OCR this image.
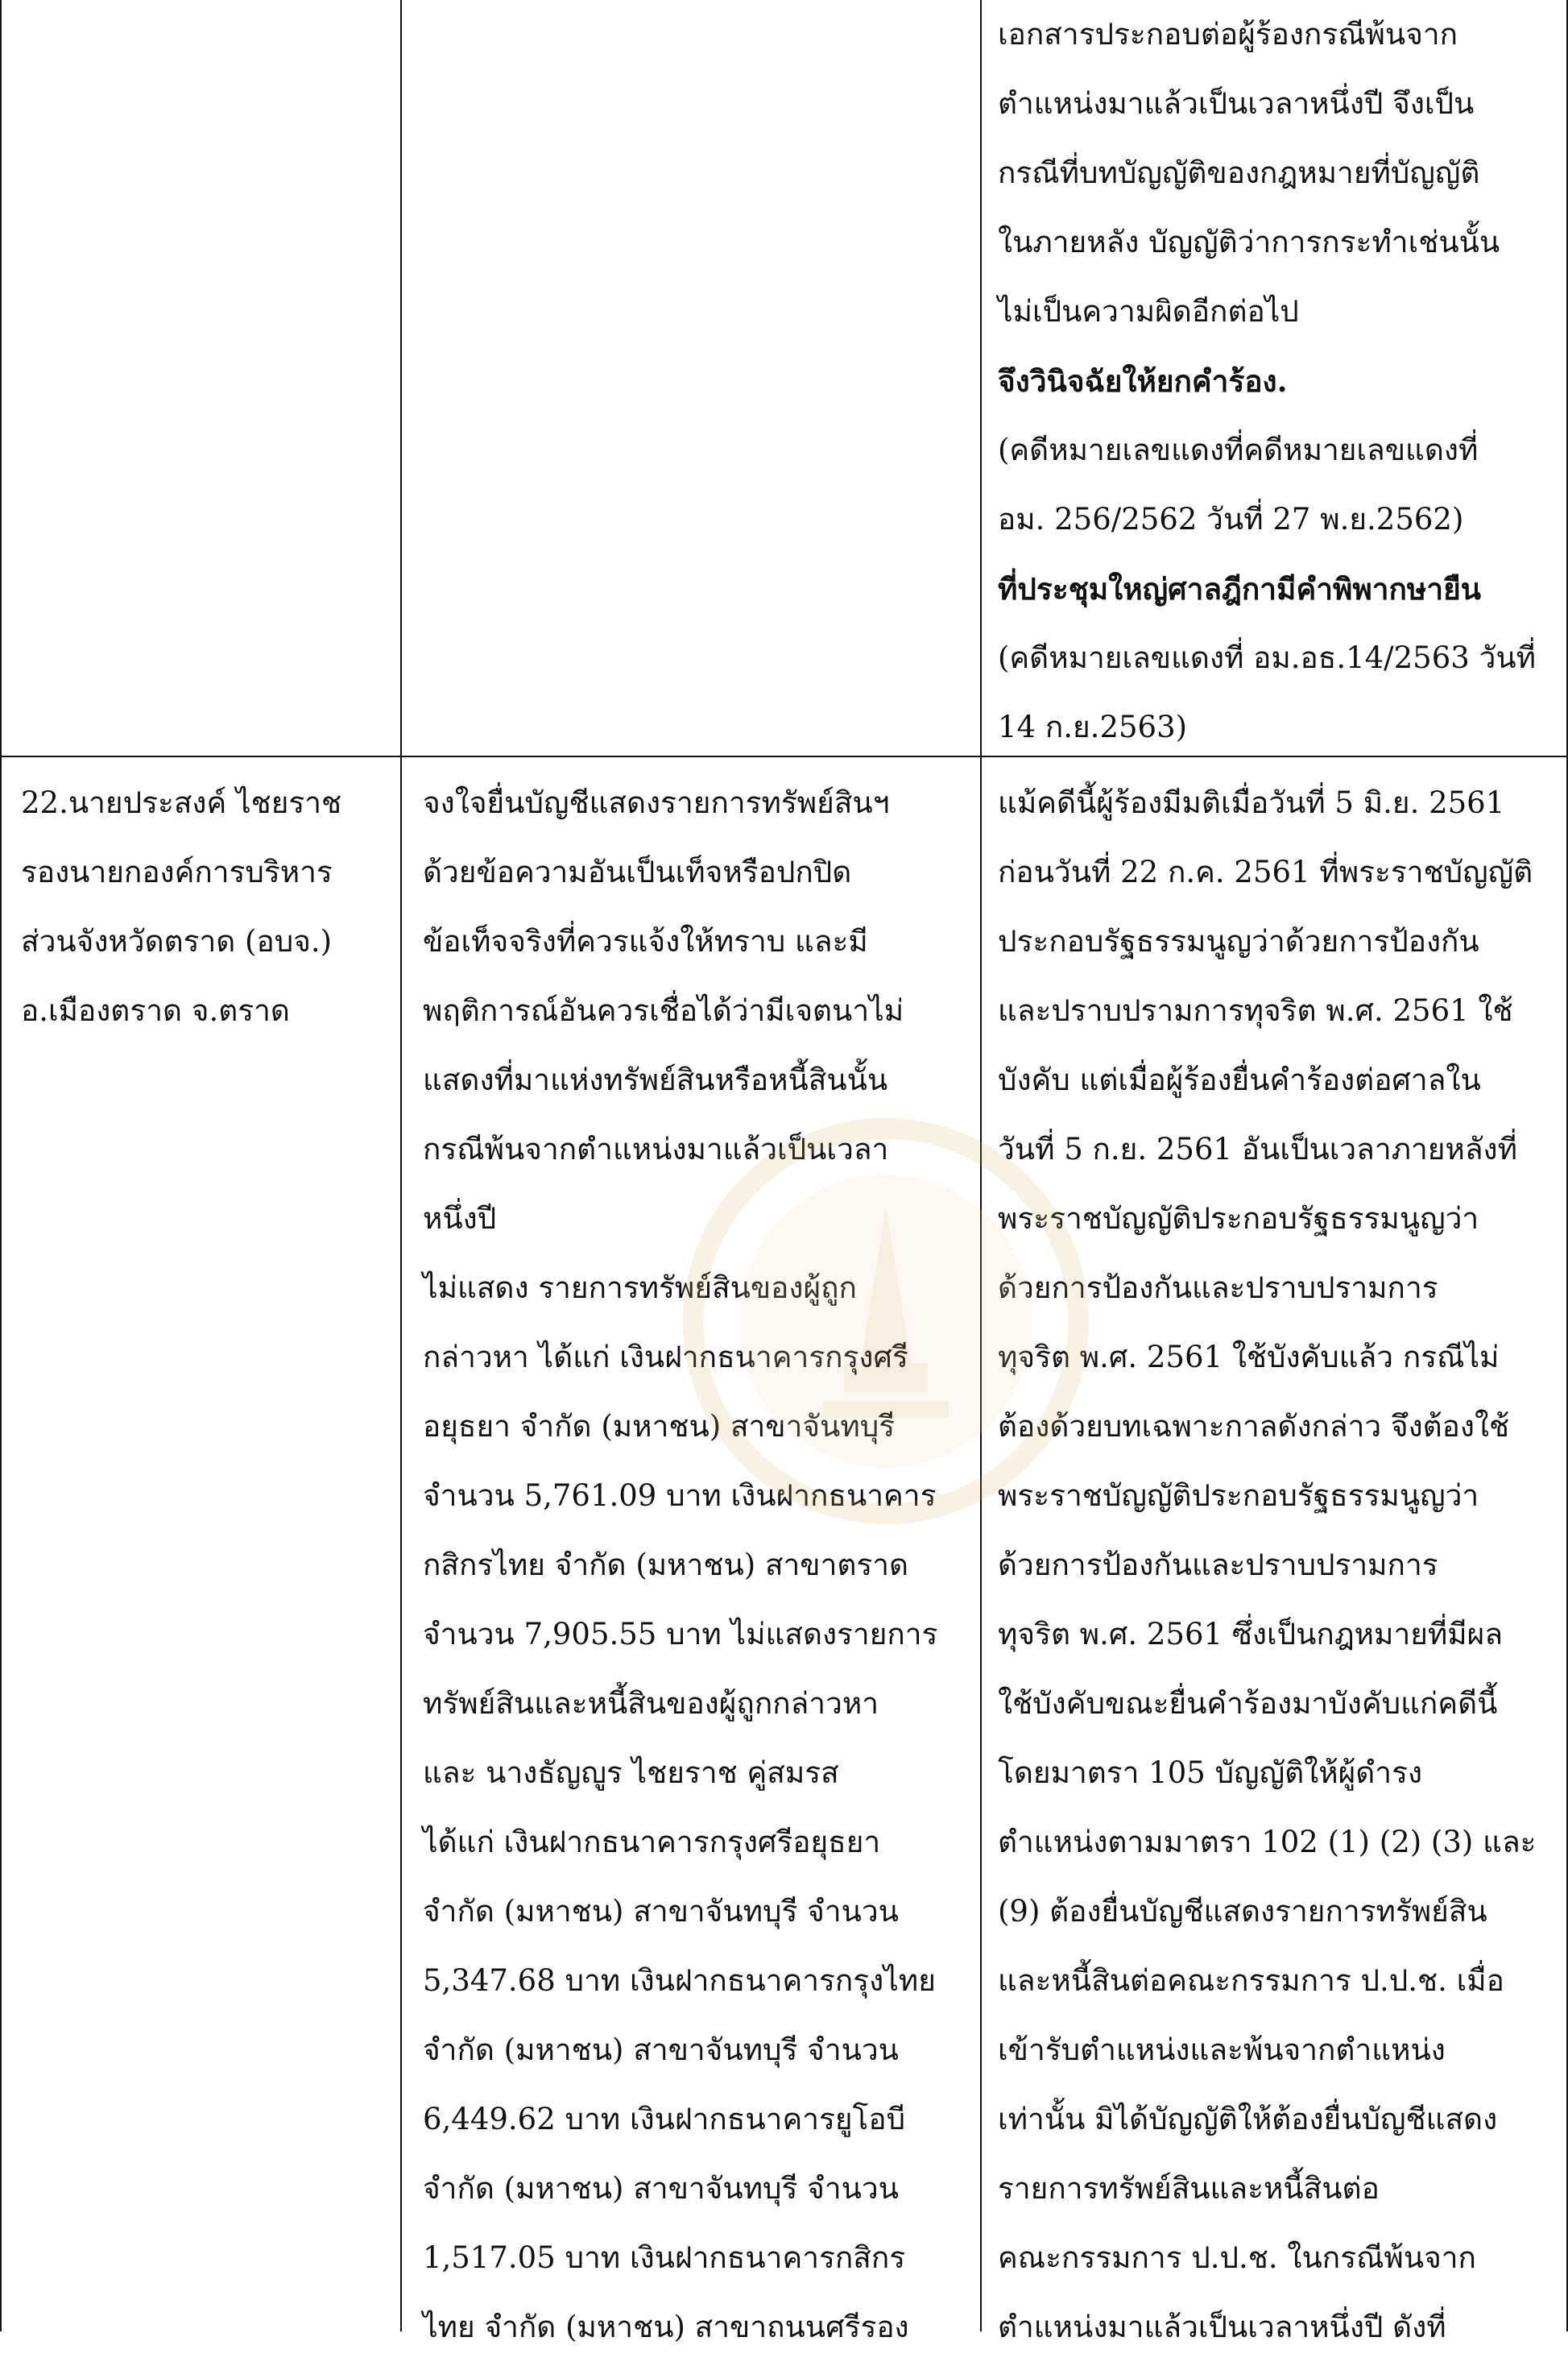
เอกสารประกอบต่อผู้ร้องกรณีพ้นจาก
ตำแหน่งมาแล้วเป็นเวลาหนึ่งปี จึงเป็น
กรณีที่บทบัญญัติของกฎหมายที่บัญญัติ
ในภายหลัง บัญญัติว่าการกระทำเช่นนั้น
ไม่เป็นความผิดอีกต่อไป
จึงวินิจฉัยให้ยกคำร้อง.
(คดีหมายเลขแดงที่คดีหมายเลขแดงที่
อม. 256/2562 วันที่ 27 พ.ย.2562)
ที่ประชุมใหญ่ศาลฎีกามีคำพิพากษายืน
(คดีหมายเลขแดงที่ อม.อธ.14/2563 วันที่
14 ก.ย.2563)
22.นายประสงค์ ไชยราช
รองนายกองค์การบริหาร
ส่วนจังหวัดตราด (อบจ.)
อ.เมืองตราด จ.ตราด
จงใจยื่นบัญชีแสดงรายการทรัพย์สินฯ
ด้วยข้อความอันเป็นเท็จหรือปกปิด
ข้อเท็จจริงที่ควรแจ้งให้ทราบ และมี
พฤติการณ์อันควรเชื่อได้ว่ามีเจตนาไม่
แสดงที่มาแห่งทรัพย์สินหรือหนี้สินนั้น
กรณีพ้นจากตำแหน่งมาแล้วเป็นเวลา
หนึ่งปี
ไม่แสดง รายการทรัพย์สินของผู้ถูก
กล่าวหา ได้แก่ เงินฝากธนาคารกรุงศรี
อยุธยา จำกัด (มหาชน) สาขาจันทบุรี
จำนวน 5,761.09 บาท เงินฝากธนาคาร
กสิกรไทย จำกัด (มหาชน) สาขาตราด
จำนวน 7,905.55 บาท ไม่แสดงรายการ
ทรัพย์สินและหนี้สินของผู้ถูกกล่าวหา
และ นางธัญญูร ไชยราช คู่สมรส
ได้แก่ เงินฝากธนาคารกรุงศรีอยุธยา
จำกัด (มหาชน) สาขาจันทบุรี จำนวน
5,347.68 บาท เงินฝากธนาคารกรุงไทย
จำกัด (มหาชน) สาขาจันทบุรี จำนวน
6,449.62 บาท เงินฝากธนาคารยูโอบี
จำกัด (มหาชน) สาขาจันทบุรี จำนวน
1,517.05 บาท เงินฝากธนาคารกสิกร
ไทย จำกัด (มหาชน) สาขาถนนศรีรอง
แม้คดีนี้ผู้ร้องมีมติเมื่อวันที่ 5 มิ.ย. 2561
ก่อนวันที่ 22 ก.ค. 2561 ที่พระราชบัญญัติ
ประกอบรัฐธรรมนูญว่าด้วยการป้องกัน
และปราบปรามการทุจริต พ.ศ. 2561 ใช้
บังคับ แต่เมื่อผู้ร้องยื่นคำร้องต่อศาลใน
วันที่ 5 ก.ย. 2561 อันเป็นเวลาภายหลังที่
พระราชบัญญัติประกอบรัฐธรรมนูญว่า
ด้วยการป้องกันและปราบปรามการ
ทุจริต พ.ศ. 2561 ใช้บังคับแล้ว กรณีไม่
ต้องด้วยบทเฉพาะกาลดังกล่าว จึงต้องใช้
พระราชบัญญัติประกอบรัฐธรรมนูญว่า
ด้วยการป้องกันและปราบปรามการ
ทุจริต พ.ศ. 2561 ซึ่งเป็นกฎหมายที่มีผล
ใช้บังคับขณะยื่นคำร้องมาบังคับแก่คดีนี้
โดยมาตรา 105 บัญญัติให้ผู้ดำรง
ตำแหน่งตามมาตรา 102 (1) (2) (3) และ
(9) ต้องยื่นบัญชีแสดงรายการทรัพย์สิน
และหนี้สินต่อคณะกรรมการ ป.ป.ช. เมื่อ
เข้ารับตำแหน่งและพ้นจากตำแหน่ง
เท่านั้น มิได้บัญญัติให้ต้องยื่นบัญชีแสดง
รายการทรัพย์สินและหนี้สินต่อ
คณะกรรมการ ป.ป.ช. ในกรณีพ้นจาก
ตำแหน่งมาแล้วเป็นเวลาหนึ่งปี ดังที่
